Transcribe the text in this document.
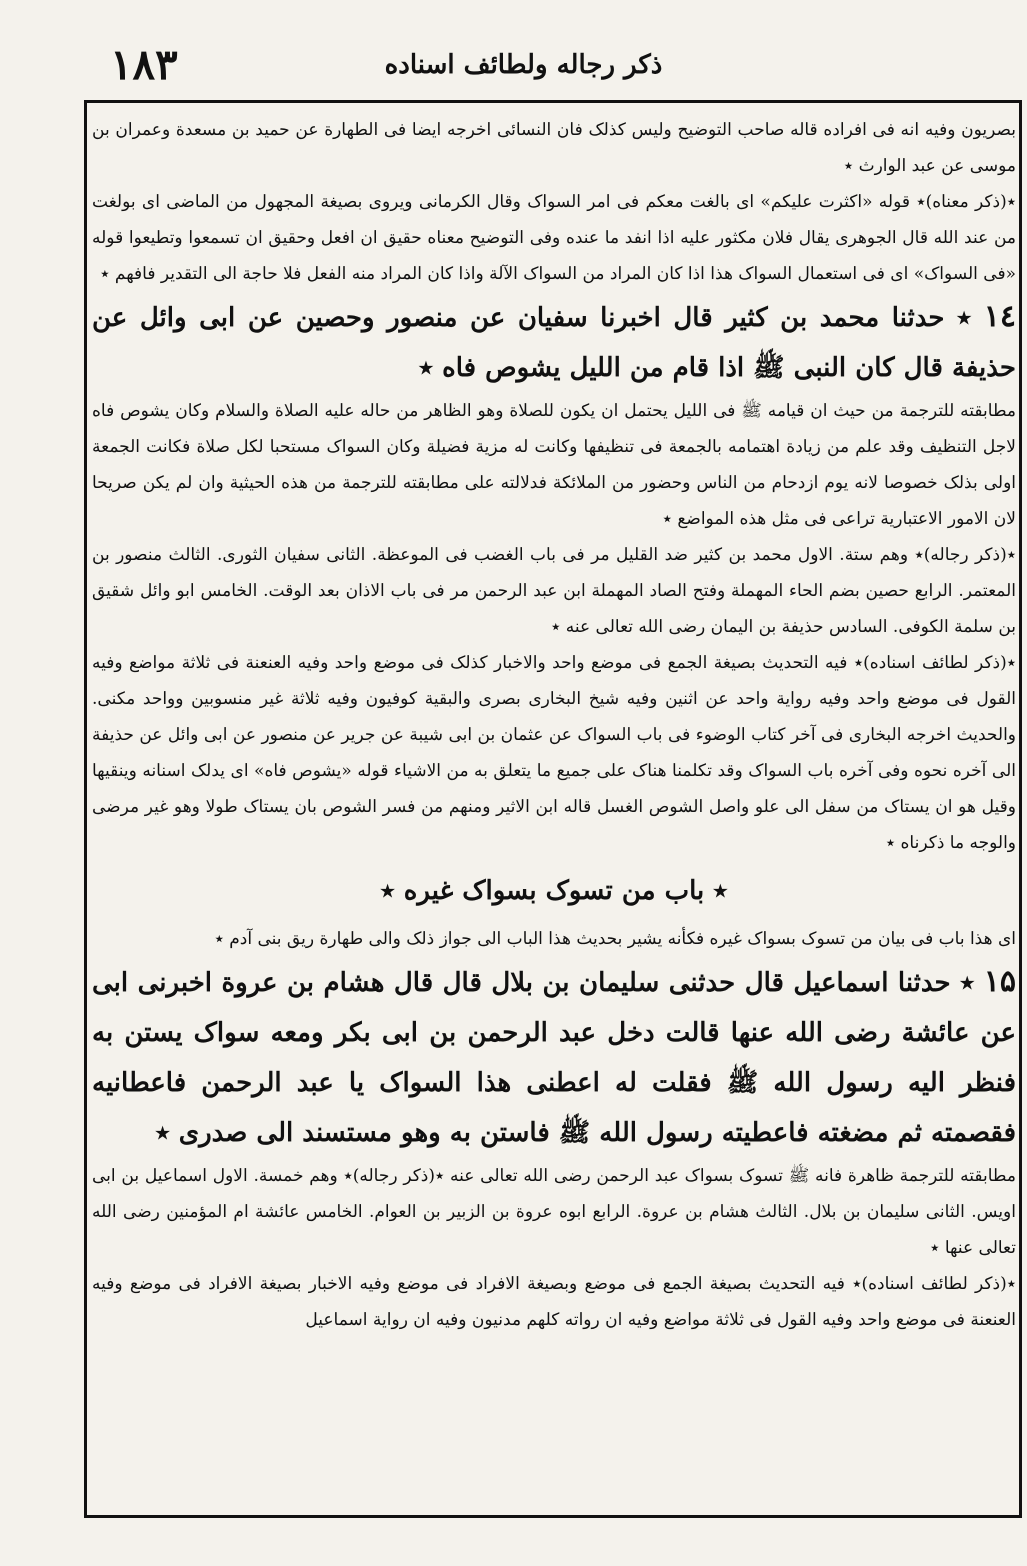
۱۸۳	ذکر رجاله ولطائف اسناده

بصریون وفیه انه فی افراده قاله صاحب التوضیح ولیس کذلک فان النسائی اخرجه ایضا فی الطهارة عن حمید بن مسعدة وعمران بن موسی عن عبد الوارث ٭

٭(ذکر معناه)٭ قوله «اکثرت علیکم» ای بالغت معکم فی امر السواک وقال الکرمانی ویروی بصیغة المجهول من الماضی ای بولغت من عند الله قال الجوهری یقال فلان مکثور علیه اذا انفد ما عنده وفی التوضیح معناه حقیق ان افعل وحقیق ان تسمعوا وتطیعوا قوله «فی السواک» ای فی استعمال السواک هذا اذا کان المراد من السواک الآلة واذا کان المراد منه الفعل فلا حاجة الی التقدیر فافهم ٭

۱٤ ٭ حدثنا محمد بن کثیر قال اخبرنا سفیان عن منصور وحصین عن ابی وائل عن حذیفة قال کان النبی ﷺ اذا قام من اللیل یشوص فاه ٭

مطابقته للترجمة من حیث ان قیامه ﷺ فی اللیل یحتمل ان یکون للصلاة وهو الظاهر من حاله علیه الصلاة والسلام وکان یشوص فاه لاجل التنظیف وقد علم من زیادة اهتمامه بالجمعة فی تنظیفها وکانت له مزیة فضیلة وکان السواک مستحبا لکل صلاة فکانت الجمعة اولی بذلک خصوصا لانه یوم ازدحام من الناس وحضور من الملائکة فدلالته علی مطابقته للترجمة من هذه الحیثیة وان لم یکن صریحا لان الامور الاعتباریة تراعی فی مثل هذه المواضع ٭

٭(ذکر رجاله)٭ وهم ستة. الاول محمد بن کثیر ضد القلیل مر فی باب الغضب فی الموعظة. الثانی سفیان الثوری. الثالث منصور بن المعتمر. الرابع حصین بضم الحاء المهملة وفتح الصاد المهملة ابن عبد الرحمن مر فی باب الاذان بعد الوقت. الخامس ابو وائل شقیق بن سلمة الکوفی. السادس حذیفة بن الیمان رضی الله تعالی عنه ٭

٭(ذکر لطائف اسناده)٭ فیه التحدیث بصیغة الجمع فی موضع واحد والاخبار کذلک فی موضع واحد وفیه العنعنة فی ثلاثة مواضع وفیه القول فی موضع واحد وفیه روایة واحد عن اثنین وفیه شیخ البخاری بصری والبقیة کوفیون وفیه ثلاثة غیر منسوبین وواحد مکنی. والحدیث اخرجه البخاری فی آخر کتاب الوضوء فی باب السواک عن عثمان بن ابی شیبة عن جریر عن منصور عن ابی وائل عن حذیفة الی آخره نحوه وفی آخره باب السواک وقد تکلمنا هناک علی جمیع ما یتعلق به من الاشیاء قوله «یشوص فاه» ای یدلک اسنانه وینقیها وقیل هو ان یستاک من سفل الی علو واصل الشوص الغسل قاله ابن الاثیر ومنهم من فسر الشوص بان یستاک طولا وهو غیر مرضی والوجه ما ذکرناه ٭

٭ باب من تسوک بسواک غیره ٭

ای هذا باب فی بیان من تسوک بسواک غیره فکأنه یشیر بحدیث هذا الباب الی جواز ذلک والی طهارة ریق بنی آدم ٭

۱۵ ٭ حدثنا اسماعیل قال حدثنی سلیمان بن بلال قال قال هشام بن عروة اخبرنی ابی عن عائشة رضی الله عنها قالت دخل عبد الرحمن بن ابی بکر ومعه سواک یستن به فنظر الیه رسول الله ﷺ فقلت له اعطنی هذا السواک یا عبد الرحمن فاعطانیه فقصمته ثم مضغته فاعطیته رسول الله ﷺ فاستن به وهو مستسند الی صدری ٭

مطابقته للترجمة ظاهرة فانه ﷺ تسوک بسواک عبد الرحمن رضی الله تعالی عنه ٭(ذکر رجاله)٭ وهم خمسة. الاول اسماعیل بن ابی اویس. الثانی سلیمان بن بلال. الثالث هشام بن عروة. الرابع ابوه عروة بن الزبیر بن العوام. الخامس عائشة ام المؤمنین رضی الله تعالی عنها ٭

٭(ذکر لطائف اسناده)٭ فیه التحدیث بصیغة الجمع فی موضع وبصیغة الافراد فی موضع وفیه الاخبار بصیغة الافراد فی موضع وفیه العنعنة فی موضع واحد وفیه القول فی ثلاثة مواضع وفیه ان رواته کلهم مدنیون وفیه ان روایة اسماعیل
